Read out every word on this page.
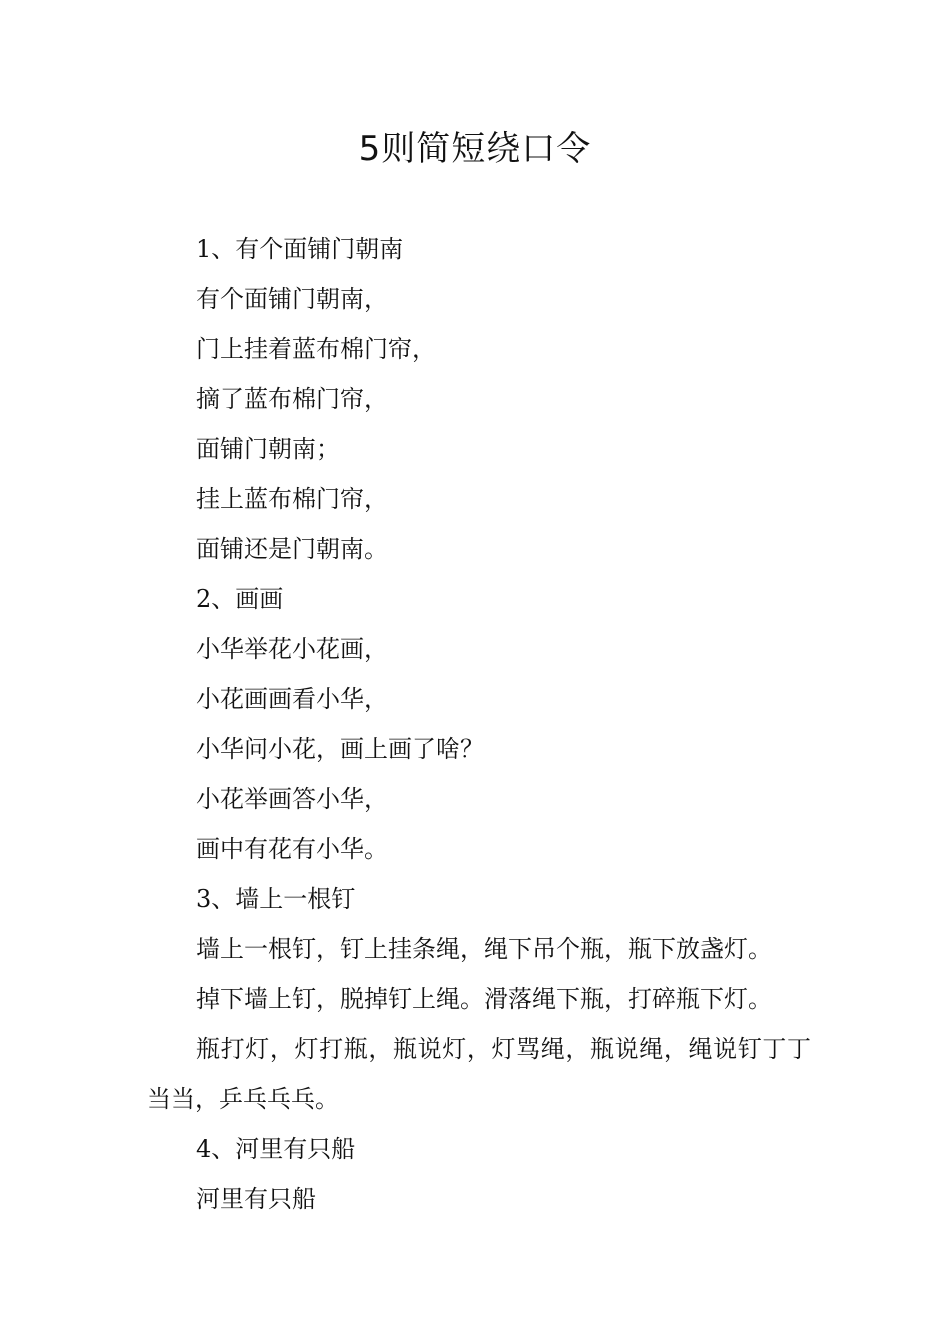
5则简短绕口令

1、有个面铺门朝南

有个面铺门朝南，

门上挂着蓝布棉门帘，

摘了蓝布棉门帘，

面铺门朝南；

挂上蓝布棉门帘，

面铺还是门朝南。

2、画画

小华举花小花画，

小花画画看小华，

小华问小花，画上画了啥？

小花举画答小华，

画中有花有小华。

3、墙上一根钉

墙上一根钉，钉上挂条绳，绳下吊个瓶，瓶下放盏灯。

掉下墙上钉，脱掉钉上绳。滑落绳下瓶，打碎瓶下灯。

瓶打灯，灯打瓶，瓶说灯，灯骂绳，瓶说绳，绳说钉丁丁当当，乒乓乓乓。

4、河里有只船

河里有只船
